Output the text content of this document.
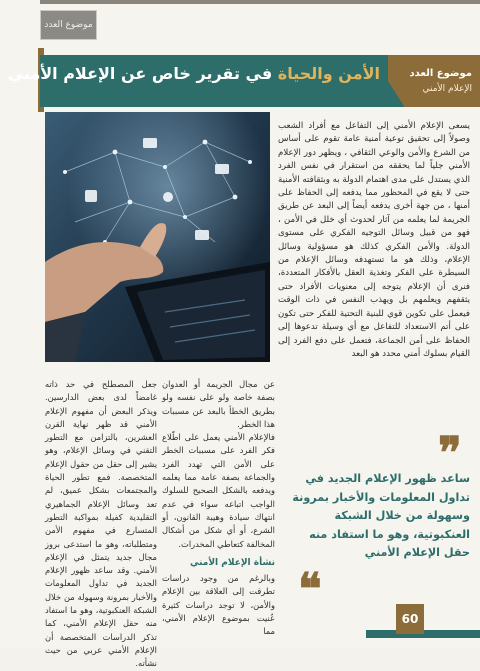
موضوع العدد
الأمن والحياة في تقرير خاص عن الإعلام الأمني	موضوع العدد
الإعلام الأمني
يسعى الإعلام الأمني إلى التفاعل مع أفراد الشعب وصولاً إلى تحقيق توعية أمنية عامة تقوم على أساس من الشرع والأمن والوعي الثقافي ، ويظهر دور الإعلام الأمني جلياً لما يحققه من استقرار في نفس الفرد الذي يستدل على مدى اهتمام الدولة به وبثقافته الأمنية حتى لا يقع في المحظور مما يدفعه إلى الحفاظ على أمنها ، من جهة أخرى يدفعه أيضاً إلى البعد عن طريق الجريمة لما يعلمه من آثار لحدوث أي خلل في الأمن ، فهو من قبيل وسائل التوجيه الفكري على مستوى الدولة. والأمن الفكري كذلك هو مسؤولية وسائل الإعلام، وذلك هو ما تستهدفه وسائل الإعلام من السيطرة على الفكر وتغذية العقل بالأفكار المتعددة، فنرى أن الإعلام يتوجه إلى معنويات الأفراد حتى يثقفهم ويعلمهم بل ويهذب النفس في ذات الوقت فيعمل على تكوين قوي للبنية التحتية للفكر حتى تكون على أتم الاستعداد للتفاعل مع أي وسيلة تدعوها إلى الحفاظ على أمن الجماعة، فتعمل على دفع الفرد إلى القيام بسلوك أمني محدد هو البعد
❞
ساعد ظهور الإعلام الجديد في تداول المعلومات والأخبار بمرونة وسهولة من خلال الشبكة العنكبوتية، وهو ما استفاد منه حقل الإعلام الأمني
❝
عن مجال الجريمة أو العدوان بصفة خاصة ولو على نفسه ولو بطريق الخطأ بالبعد عن مسببات هذا الخطر.
فالإعلام الأمني يعمل على اطّلاع فكر الفرد على مسببات الخطر على الأمن التي تهدد الفرد والجماعة بصفة عامة مما يعلمه ويدفعه بالشكل الصحيح للسلوك الواجب اتباعه سواء في عدم انتهاك سيادة وهيبة القانون، أو الشرع، أو أي شكل من أشكال المخالفة كتعاطي المخدرات.
نشأة الإعلام الأمني
وبالرغم من وجود دراسات تطرقت إلى العلاقة بين الإعلام والأمن، لا توجد دراسات كثيرة عُنيت بموضوع الإعلام الأمني، مما
جعل المصطلح في حد ذاته غامضاً لدى بعض الدارسين. ويذكر البعض أن مفهوم الإعلام الأمني قد ظهر نهاية القرن العشرين، بالتزامن مع التطور التقني في وسائل الإعلام، وهو يشير إلى حقل من حقول الإعلام المتخصصة. فمع تطور الحياة والمجتمعات بشكل عميق، لم تعد وسائل الإعلام الجماهيري التقليدية كفيلة بمواكبة التطور المتسارع في مفهوم الأمن ومتطلباته، وهو ما استدعى بروز مجال جديد يتمثل في الإعلام الأمني. وقد ساعد ظهور الإعلام الجديد في تداول المعلومات والأخبار بمرونة وسهولة من خلال الشبكة العنكبوتية، وهو ما استفاد منه حقل الإعلام الأمني، كما تذكر الدراسات المتخصصة أن الإعلام الأمني عربي من حيث نشأته.
60
